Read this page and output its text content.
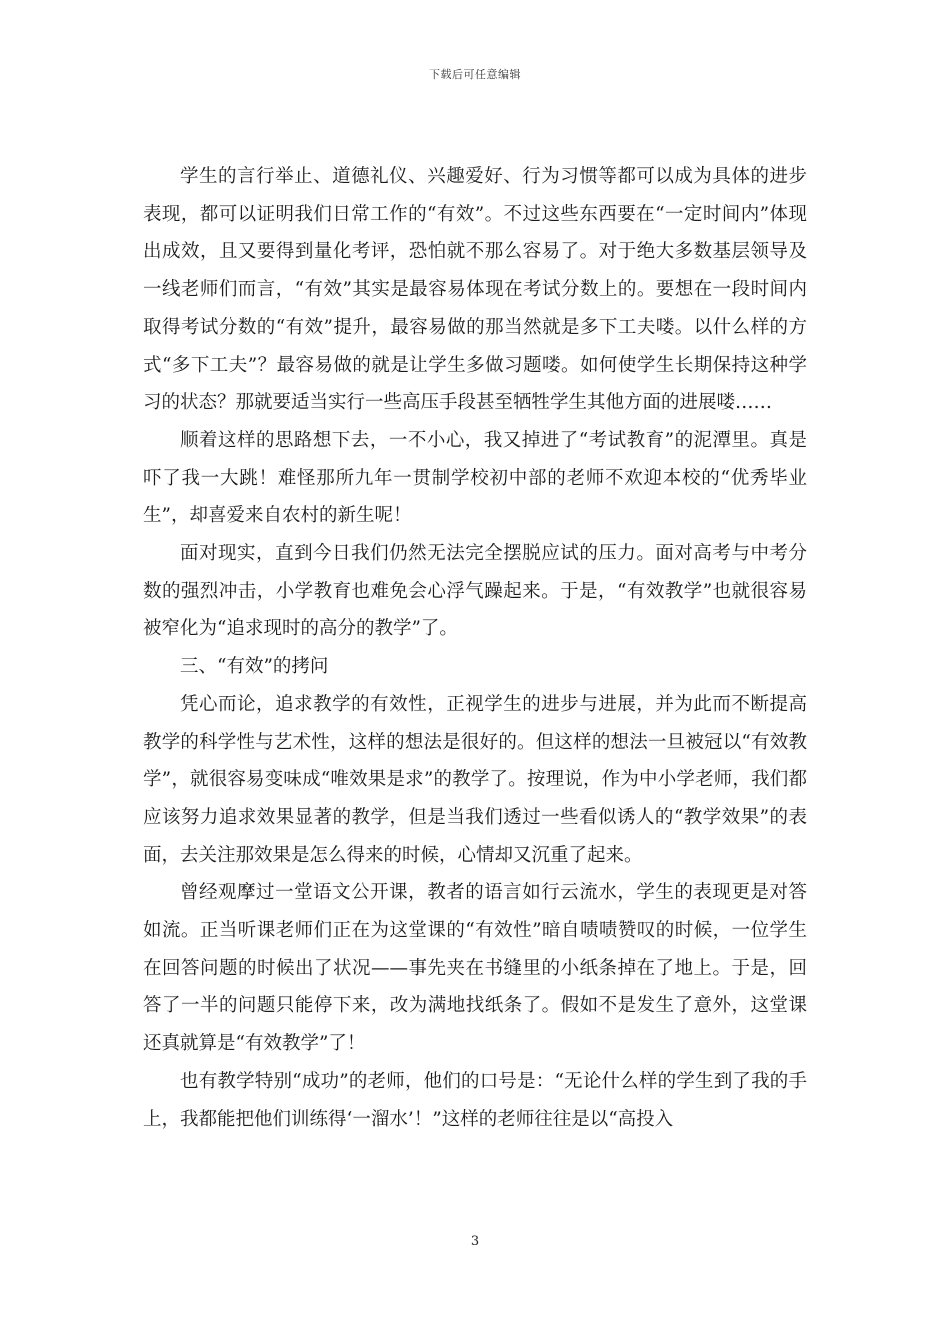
下载后可任意编辑

学生的言行举止、道德礼仪、兴趣爱好、行为习惯等都可以成为具体的进步表现，都可以证明我们日常工作的“有效”。不过这些东西要在“一定时间内”体现出成效，且又要得到量化考评，恐怕就不那么容易了。对于绝大多数基层领导及一线老师们而言，“有效”其实是最容易体现在考试分数上的。要想在一段时间内取得考试分数的“有效”提升，最容易做的那当然就是多下工夫喽。以什么样的方式“多下工夫”？最容易做的就是让学生多做习题喽。如何使学生长期保持这种学习的状态？那就要适当实行一些高压手段甚至牺牲学生其他方面的进展喽……

顺着这样的思路想下去，一不小心，我又掉进了“考试教育”的泥潭里。真是吓了我一大跳！难怪那所九年一贯制学校初中部的老师不欢迎本校的“优秀毕业生”，却喜爱来自农村的新生呢！

面对现实，直到今日我们仍然无法完全摆脱应试的压力。面对高考与中考分数的强烈冲击，小学教育也难免会心浮气躁起来。于是，“有效教学”也就很容易被窄化为“追求现时的高分的教学”了。

三、“有效”的拷问

凭心而论，追求教学的有效性，正视学生的进步与进展，并为此而不断提高教学的科学性与艺术性，这样的想法是很好的。但这样的想法一旦被冠以“有效教学”，就很容易变味成“唯效果是求”的教学了。按理说，作为中小学老师，我们都应该努力追求效果显著的教学，但是当我们透过一些看似诱人的“教学效果”的表面，去关注那效果是怎么得来的时候，心情却又沉重了起来。

曾经观摩过一堂语文公开课，教者的语言如行云流水，学生的表现更是对答如流。正当听课老师们正在为这堂课的“有效性”暗自啧啧赞叹的时候，一位学生在回答问题的时候出了状况——事先夹在书缝里的小纸条掉在了地上。于是，回答了一半的问题只能停下来，改为满地找纸条了。假如不是发生了意外，这堂课还真就算是“有效教学”了！

也有教学特别“成功”的老师，他们的口号是：“无论什么样的学生到了我的手上，我都能把他们训练得‘一溜水’！”这样的老师往往是以“高投入

3
